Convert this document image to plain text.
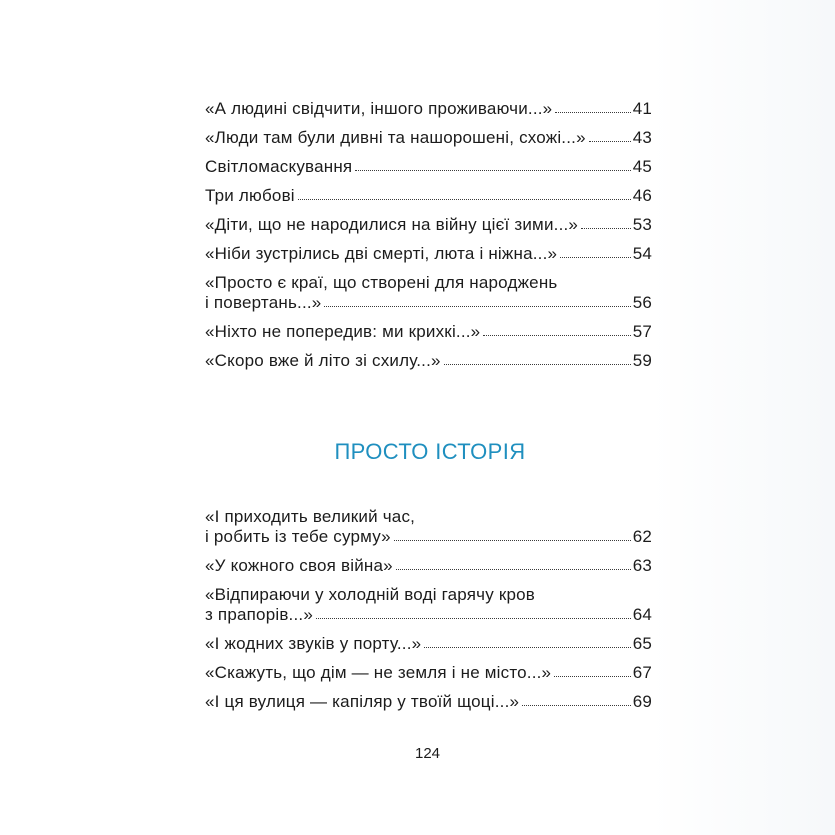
«А людині свідчити, іншого проживаючи...»	41
«Люди там були дивні та нашорошені, схожі...»	43
Світломаскування	45
Три любові	46
«Діти, що не народилися на війну цієї зими...»	53
«Ніби зустрілись дві смерті, люта і ніжна...»	54
«Просто є краї, що створені для народжень
і повертань...»	56
«Ніхто не попередив: ми крихкі...»	57
«Скоро вже й літо зі схилу...»	59
ПРОСТО ІСТОРІЯ
«І приходить великий час,
і робить із тебе сурму»	62
«У кожного своя війна»	63
«Відпираючи у холодній воді гарячу кров
з прапорів...»	64
«І жодних звуків у порту...»	65
«Скажуть, що дім — не земля і не місто...»	67
«І ця вулиця — капіляр у твоїй щоці...»	69
124
